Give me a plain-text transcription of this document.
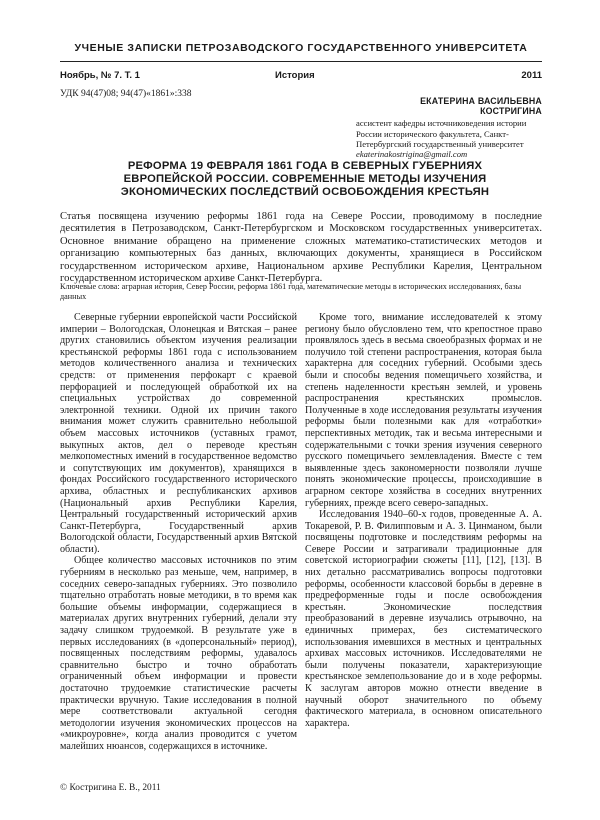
УЧЕНЫЕ ЗАПИСКИ ПЕТРОЗАВОДСКОГО ГОСУДАРСТВЕННОГО УНИВЕРСИТЕТА
Ноябрь, № 7. Т. 1	История	2011
УДК 94(47)08; 94(47)«1861»:338
ЕКАТЕРИНА ВАСИЛЬЕВНА КОСТРИГИНА

ассистент кафедры источниковедения истории России исторического факультета, Санкт-Петербургский государственный университет

ekaterinakostrigina@gmail.com

РЕФОРМА 19 ФЕВРАЛЯ 1861 ГОДА В СЕВЕРНЫХ ГУБЕРНИЯХ
ЕВРОПЕЙСКОЙ РОССИИ. СОВРЕМЕННЫЕ МЕТОДЫ ИЗУЧЕНИЯ
ЭКОНОМИЧЕСКИХ ПОСЛЕДСТВИЙ ОСВОБОЖДЕНИЯ КРЕСТЬЯН

Статья посвящена изучению реформы 1861 года на Севере России, проводимому в последние десятилетия в Петрозаводском, Санкт-Петербургском и Московском государственных университетах. Основное внимание обращено на применение сложных математико-статистических методов и организацию компьютерных баз данных, включающих документы, хранящиеся в Российском государственном историческом архиве, Национальном архиве Республики Карелия, Центральном государственном историческом архиве Санкт-Петербурга.

Ключевые слова: аграрная история, Север России, реформа 1861 года, математические методы в исторических исследованиях, базы данных

Северные губернии европейской части Российской империи – Вологодская, Олонецкая и Вятская – ранее других становились объектом изучения реализации крестьянской реформы 1861 года с использованием методов количественного анализа и технических средств: от применения перфокарт с краевой перфорацией и последующей обработкой их на специальных устройствах до современной электронной техники. Одной их причин такого внимания может служить сравнительно небольшой объем массовых источников (уставных грамот, выкупных актов, дел о переводе крестьян мелкопоместных имений в государственное ведомство и сопутствующих им документов), хранящихся в фондах Российского государственного исторического архива, областных и республиканских архивов (Национальный архив Республики Карелия, Центральный государственный исторический архив Санкт-Петербурга, Государственный архив Вологодской области, Государственный архив Вятской области).

Общее количество массовых источников по этим губерниям в несколько раз меньше, чем, например, в соседних северо-западных губерниях. Это позволило тщательно отработать новые методики, в то время как большие объемы информации, содержащиеся в материалах других внутренних губерний, делали эту задачу слишком трудоемкой. В результате уже в первых исследованиях (в «доперсональный» период), посвященных последствиям реформы, удавалось сравнительно быстро и точно обработать ограниченный объем информации и провести достаточно трудоемкие статистические расчеты практически вручную. Такие исследования в полной мере соответствовали актуальной сегодня методологии изучения экономических процессов на «микроуровне», когда анализ проводится с учетом малейших нюансов, содержащихся в источнике.

Кроме того, внимание исследователей к этому региону было обусловлено тем, что крепостное право проявлялось здесь в весьма своеобразных формах и не получило той степени распространения, которая была характерна для соседних губерний. Особыми здесь были и способы ведения помещичьего хозяйства, и степень наделенности крестьян землей, и уровень распространения крестьянских промыслов. Полученные в ходе исследования результаты изучения реформы были полезными как для «отработки» перспективных методик, так и весьма интересными и содержательными с точки зрения изучения северного русского помещичьего землевладения. Вместе с тем выявленные здесь закономерности позволяли лучше понять экономические процессы, происходившие в аграрном секторе хозяйства в соседних внутренних губерниях, прежде всего северо-западных.

Исследования 1940–60-х годов, проведенные А. А. Токаревой, Р. В. Филипповым и А. З. Цинманом, были посвящены подготовке и последствиям реформы на Севере России и затрагивали традиционные для советской историографии сюжеты [11], [12], [13]. В них детально рассматривались вопросы подготовки реформы, особенности классовой борьбы в деревне в предреформенные годы и после освобождения крестьян. Экономические последствия преобразований в деревне изучались отрывочно, на единичных примерах, без систематического использования имевшихся в местных и центральных архивах массовых источников. Исследователями не были получены показатели, характеризующие крестьянское землепользование до и в ходе реформы. К заслугам авторов можно отнести введение в научный оборот значительного по объему фактического материала, в основном описательного характера.

© Костригина Е. В., 2011
